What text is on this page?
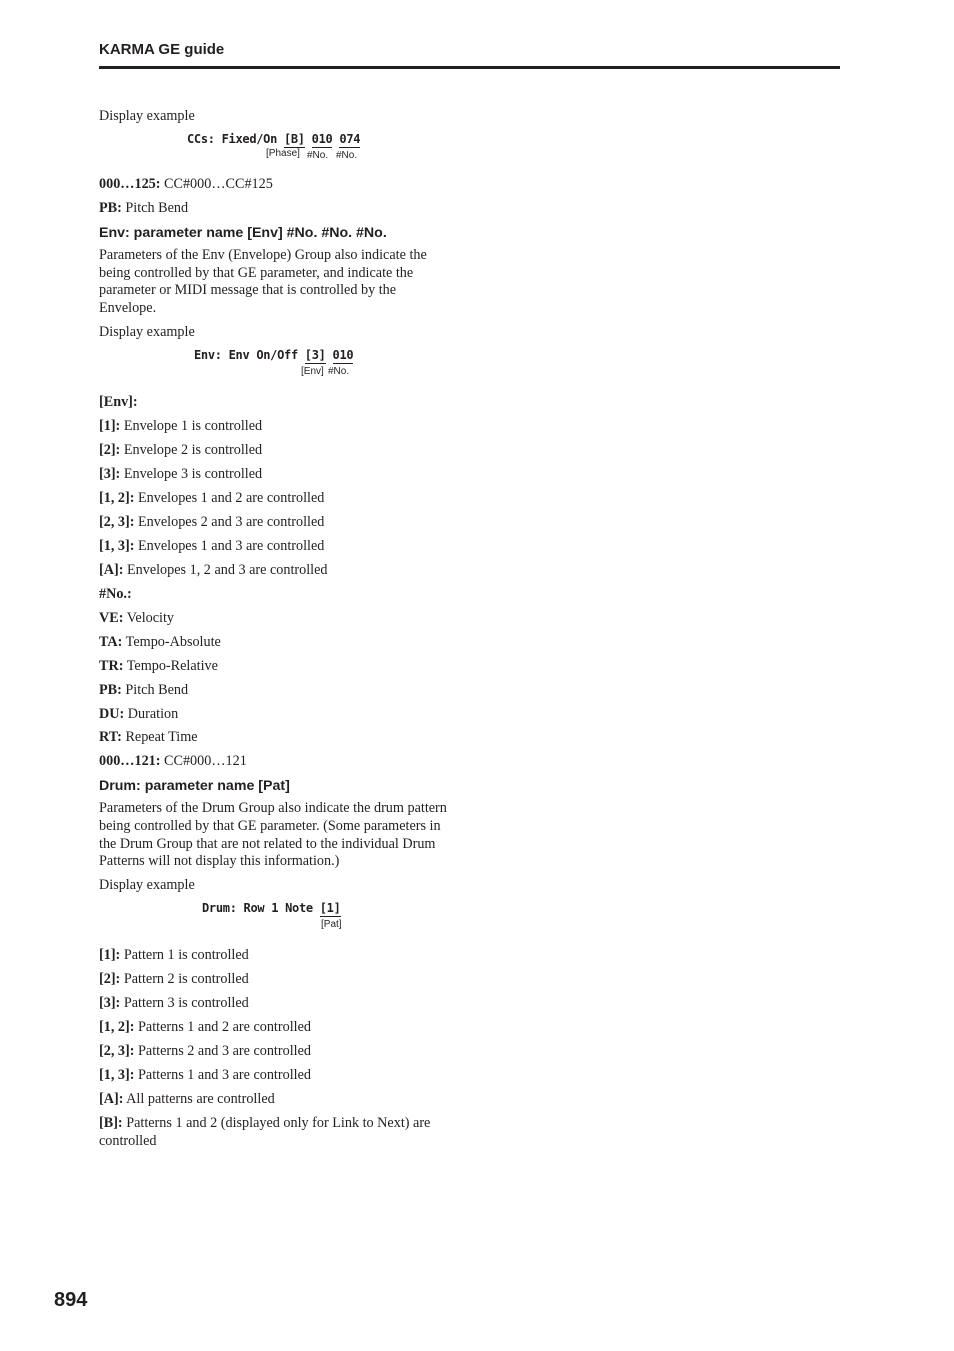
KARMA GE guide
Display example
CCs: Fixed/On [B] 010 074
[Phase] #No. #No.
000…125: CC#000…CC#125
PB: Pitch Bend
Env: parameter name [Env] #No. #No. #No.
Parameters of the Env (Envelope) Group also indicate the being controlled by that GE parameter, and indicate the parameter or MIDI message that is controlled by the Envelope.
Display example
Env: Env On/Off [3] 010
[Env] #No.
[Env]:
[1]: Envelope 1 is controlled
[2]: Envelope 2 is controlled
[3]: Envelope 3 is controlled
[1, 2]: Envelopes 1 and 2 are controlled
[2, 3]: Envelopes 2 and 3 are controlled
[1, 3]: Envelopes 1 and 3 are controlled
[A]: Envelopes 1, 2 and 3 are controlled
#No.:
VE: Velocity
TA: Tempo-Absolute
TR: Tempo-Relative
PB: Pitch Bend
DU: Duration
RT: Repeat Time
000…121: CC#000…121
Drum: parameter name [Pat]
Parameters of the Drum Group also indicate the drum pattern being controlled by that GE parameter. (Some parameters in the Drum Group that are not related to the individual Drum Patterns will not display this information.)
Display example
Drum: Row 1 Note [1]
[Pat]
[1]: Pattern 1 is controlled
[2]: Pattern 2 is controlled
[3]: Pattern 3 is controlled
[1, 2]: Patterns 1 and 2 are controlled
[2, 3]: Patterns 2 and 3 are controlled
[1, 3]: Patterns 1 and 3 are controlled
[A]: All patterns are controlled
[B]: Patterns 1 and 2 (displayed only for Link to Next) are controlled
894
